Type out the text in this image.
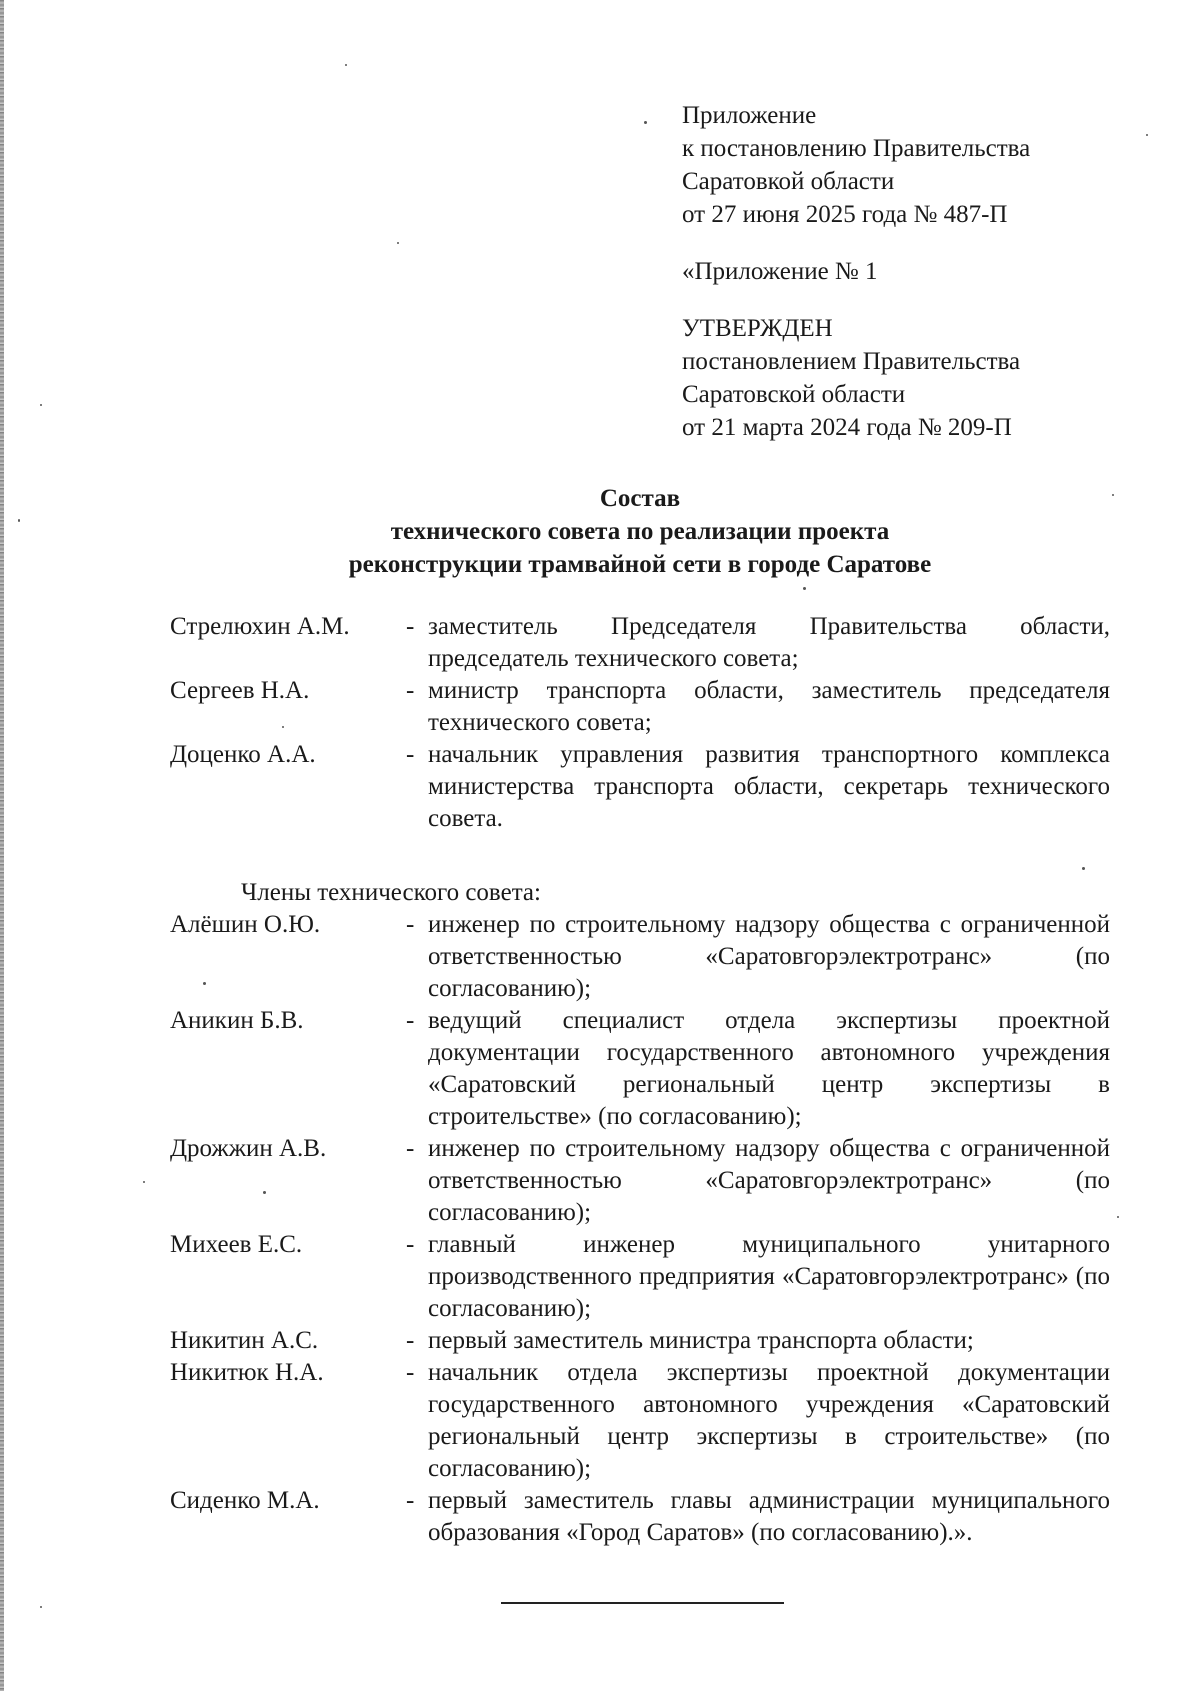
Приложение
к постановлению Правительства
Саратовкой области
от 27 июня 2025 года № 487-П
«Приложение № 1
УТВЕРЖДЕН
постановлением Правительства
Саратовской области
от 21 марта 2024 года № 209-П
Состав
технического совета по реализации проекта
реконструкции трамвайной сети в городе Саратове
Стрелюхин А.М.	- заместитель Председателя Правительства области, председатель технического совета;
Сергеев Н.А.	- министр транспорта области, заместитель председателя технического совета;
Доценко А.А.	- начальник управления развития транспортного комплекса министерства транспорта области, секретарь технического совета.
Члены технического совета:
Алёшин О.Ю.	- инженер по строительному надзору общества с ограниченной ответственностью «Саратовгорэлектротранс» (по согласованию);
Аникин Б.В.	- ведущий специалист отдела экспертизы проектной документации государственного автономного учреждения «Саратовский региональный центр экспертизы в строительстве» (по согласованию);
Дрожжин А.В.	- инженер по строительному надзору общества с ограниченной ответственностью «Саратовгорэлектротранс» (по согласованию);
Михеев Е.С.	- главный инженер муниципального унитарного производственного предприятия «Саратовгорэлектротранс» (по согласованию);
Никитин А.С.	- первый заместитель министра транспорта области;
Никитюк Н.А.	- начальник отдела экспертизы проектной документации государственного автономного учреждения «Саратовский региональный центр экспертизы в строительстве» (по согласованию);
Сиденко М.А.	- первый заместитель главы администрации муниципального образования «Город Саратов» (по согласованию).».
